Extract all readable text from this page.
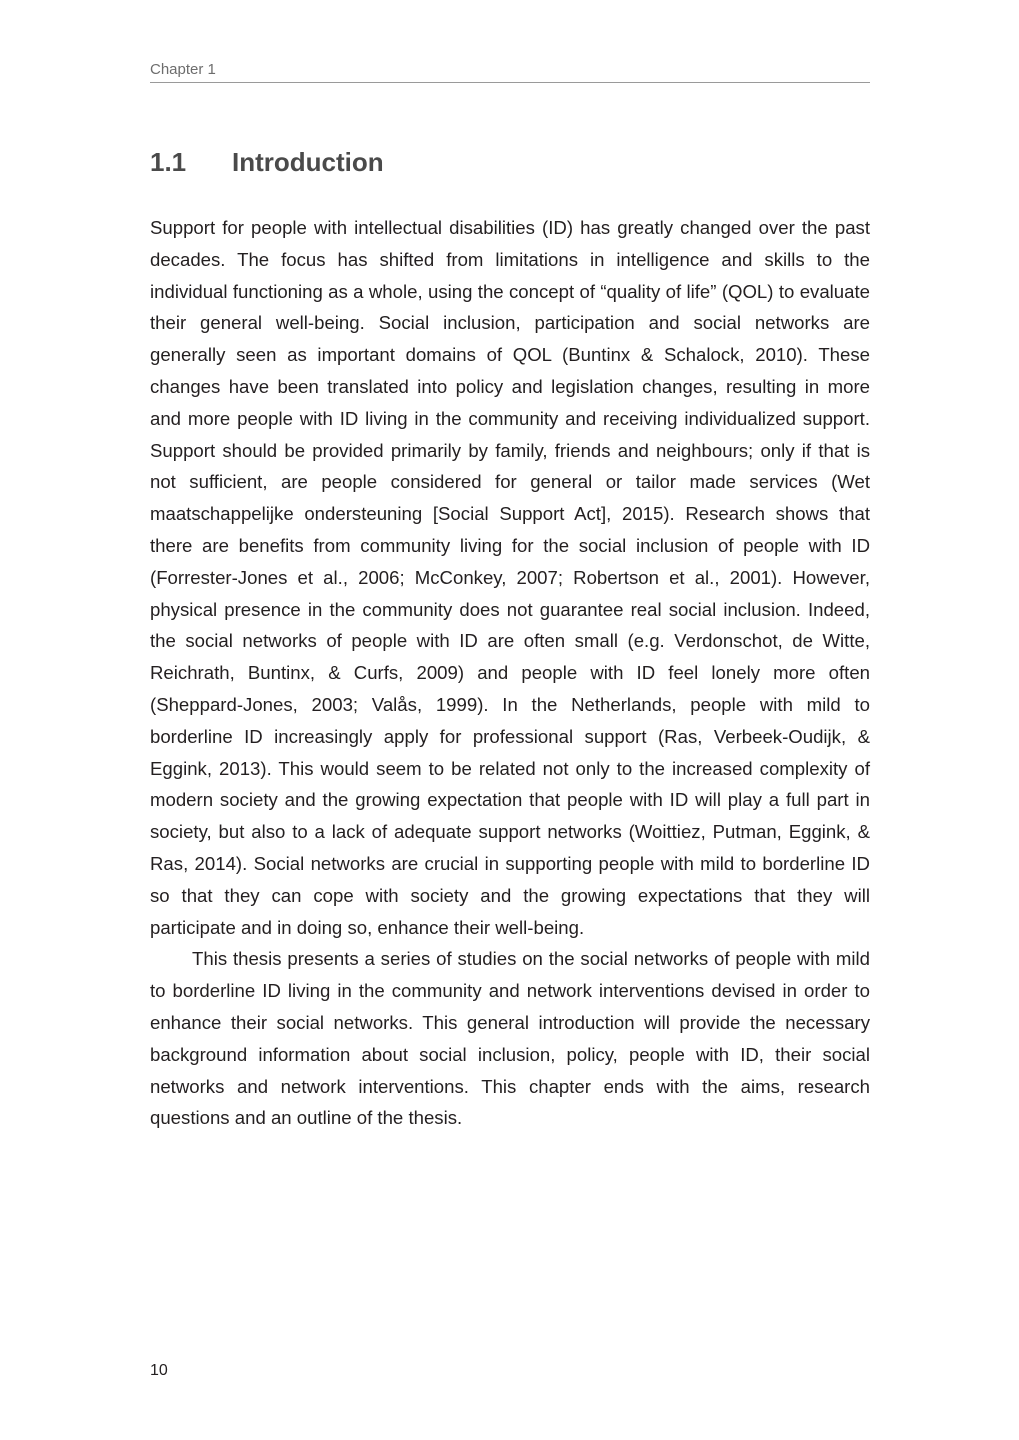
Chapter 1
1.1 Introduction

Support for people with intellectual disabilities (ID) has greatly changed over the past decades. The focus has shifted from limitations in intelligence and skills to the individual functioning as a whole, using the concept of “quality of life” (QOL) to evaluate their general well-being. Social inclusion, participation and social networks are generally seen as important domains of QOL (Buntinx & Schalock, 2010). These changes have been translated into policy and legislation changes, resulting in more and more people with ID living in the community and receiving individualized support. Support should be provided primarily by family, friends and neighbours; only if that is not sufficient, are people considered for general or tailor made services (Wet maatschappelijke ondersteuning [Social Support Act], 2015). Research shows that there are benefits from community living for the social inclusion of people with ID (Forrester-Jones et al., 2006; McConkey, 2007; Robertson et al., 2001). However, physical presence in the community does not guarantee real social inclusion. Indeed, the social networks of people with ID are often small (e.g. Verdonschot, de Witte, Reichrath, Buntinx, & Curfs, 2009) and people with ID feel lonely more often (Sheppard-Jones, 2003; Valås, 1999). In the Netherlands, people with mild to borderline ID increasingly apply for professional support (Ras, Verbeek-Oudijk, & Eggink, 2013). This would seem to be related not only to the increased complexity of modern society and the growing expectation that people with ID will play a full part in society, but also to a lack of adequate support networks (Woittiez, Putman, Eggink, & Ras, 2014). Social networks are crucial in supporting people with mild to borderline ID so that they can cope with society and the growing expectations that they will participate and in doing so, enhance their well-being.

This thesis presents a series of studies on the social networks of people with mild to borderline ID living in the community and network interventions devised in order to enhance their social networks. This general introduction will provide the necessary background information about social inclusion, policy, people with ID, their social networks and network interventions. This chapter ends with the aims, research questions and an outline of the thesis.

10
